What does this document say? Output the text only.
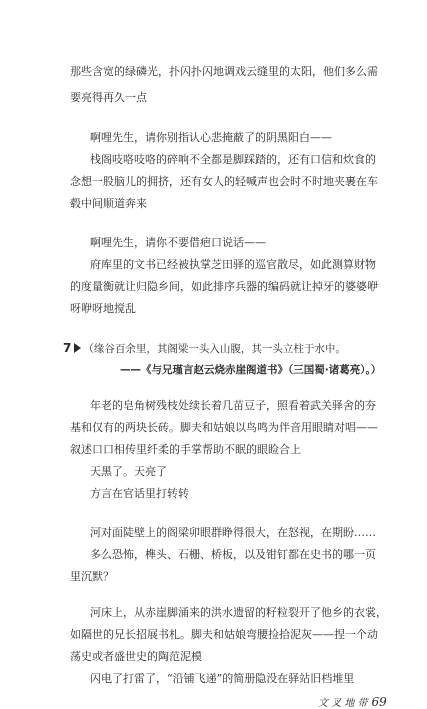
那些含宽的绿磷光，扑闪扑闪地调戏云缝里的太阳，他们多么需
要亮得再久一点
啊哩先生，请你别指认心悲掩蔽了的阴黑阳白——
栈阁吱咯吱咯的碎响不全都是脚踩踏的，还有口信和炊食的
念想一股脑儿的拥挤，还有女人的轻喊声也会时不时地夹裹在车
毂中间顺道奔来
啊哩先生，请你不要借疤口说话——
府库里的文书已经被执掌芝田驿的巡官散尽，如此测算财物
的度量衡就让归隐乡间，如此排序兵器的编码就让掉牙的婆婆咿
呀咿呀地搅乱
7 （缘谷百余里，其阁梁一头入山腹，其一头立柱于水中。
——《与兄瑾言赵云烧赤崖阁道书》（三国蜀·诸葛亮）。）
年老的皂角树残枝处续长着几苗豆子，照看着武关驿舍的夯
基和仅有的两块长砖。脚夫和姑娘以鸟鸣为伴音用眼睛对唱——
叙述口口相传里纤柔的手掌帮助不眠的眼睑合上
天黑了。天亮了
方言在官话里打转转
河对面陡壁上的阁梁卯眼群睁得很大，在怒视，在期盼……
多么恐怖，榫头、石栅、桥板，以及钳钉都在史书的哪一页
里沉默？
河床上，从赤崖脚涌来的洪水遗留的籽粒裂开了他乡的衣裳，
如隔世的兄长招展书札。脚夫和姑娘弯腰捡拾泥灰——捏一个动
荡史或者盛世史的陶范泥模
闪电了打雷了，“沿铺飞递”的简册隐没在驿站旧档堆里
文 叉 地 带 69
